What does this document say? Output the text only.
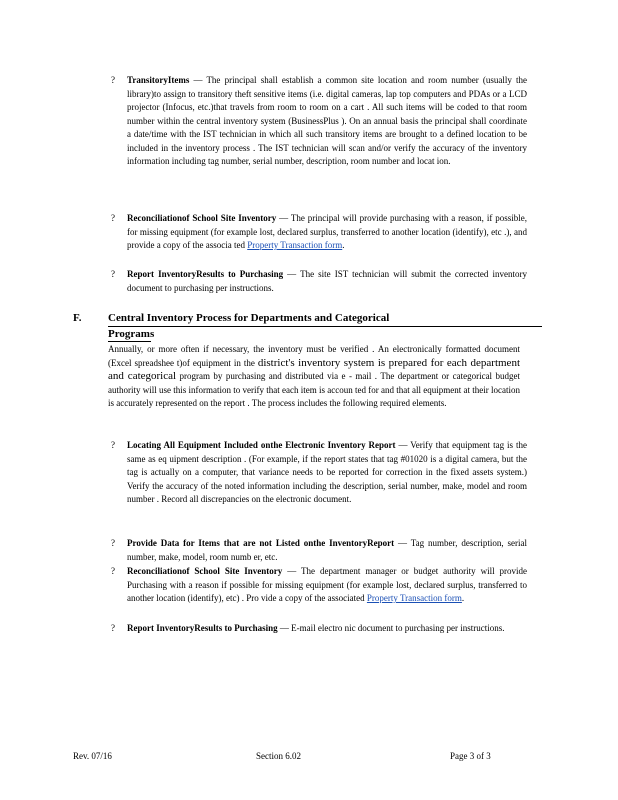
? TransitoryItems — The principal shall establish a common site location and room number (usually the library)to assign to transitory theft sensitive items (i.e. digital cameras, lap top computers and PDAs or a LCD projector (Infocus, etc.)that travels from room to room on a cart . All such items will be coded to that room number within the central inventory system (BusinessPlus ). On an annual basis the principal shall coordinate a date/time with the IST technician in which all such transitory items are brought to a defined location to be included in the inventory process . The IST technician will scan and/or verify the accuracy of the inventory information including tag number, serial number, description, room number and locat ion.
? Reconciliationof School Site Inventory — The principal will provide purchasing with a reason, if possible, for missing equipment (for example lost, declared surplus, transferred to another location (identify), etc .), and provide a copy of the associa ted Property Transaction form.
? Report InventoryResults to Purchasing — The site IST technician will submit the corrected inventory document to purchasing per instructions.
F. Central Inventory Process for Departments and Categorical
Programs
Annually, or more often if necessary, the inventory must be verified . An electronically formatted document (Excel spreadshee t)of equipment in the district's inventory system is prepared for each department and categorical program by purchasing and distributed via e - mail . The department or categorical budget authority will use this information to verify that each item is accoun ted for and that all equipment at their location is accurately represented on the report . The process includes the following required elements.
? Locating All Equipment Included onthe Electronic Inventory Report — Verify that equipment tag is the same as eq uipment description . (For example, if the report states that tag #01020 is a digital camera, but the tag is actually on a computer, that variance needs to be reported for correction in the fixed assets system.) Verify the accuracy of the noted information including the description, serial number, make, model and room number . Record all discrepancies on the electronic document.
? Provide Data for Items that are not Listed onthe InventoryReport — Tag number, description, serial number, make, model, room numb er, etc.
? Reconciliationof School Site Inventory — The department manager or budget authority will provide Purchasing with a reason if possible for missing equipment (for example lost, declared surplus, transferred to another location (identify), etc) . Pro vide a copy of the associated Property Transaction form.
? Report InventoryResults to Purchasing — E-mail electro nic document to purchasing per instructions.
Rev. 07/16	Section 6.02	Page 3 of 3
